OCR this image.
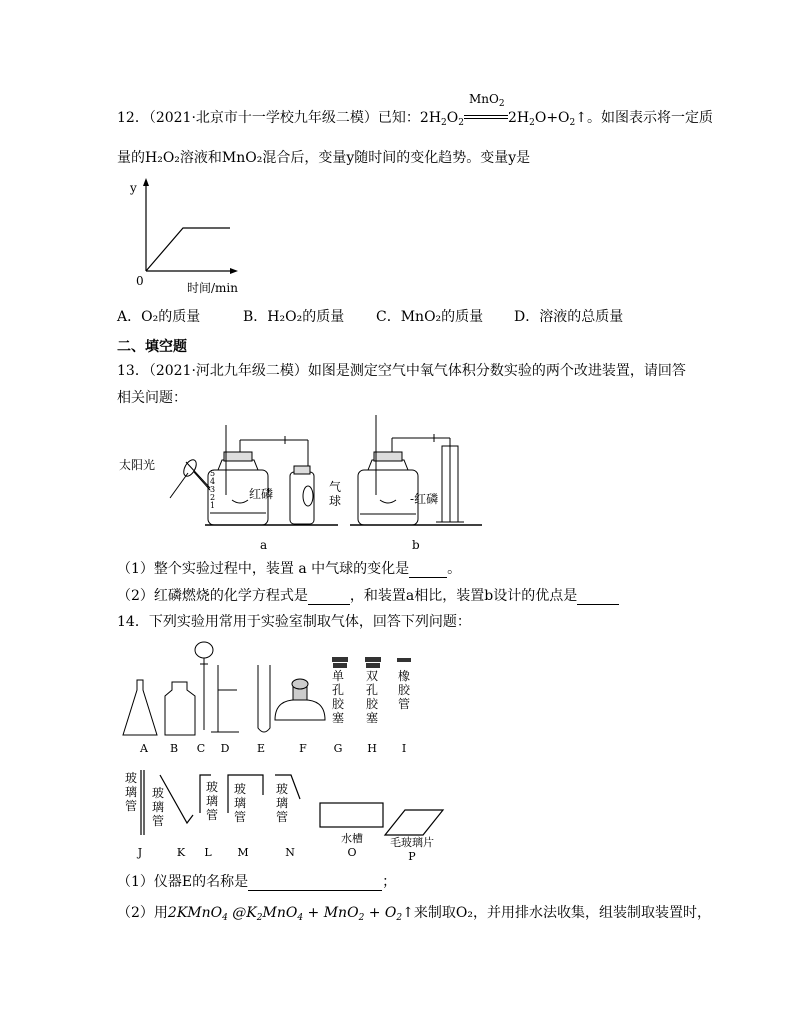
12．（2021·北京市十一学校九年级二模）已知：$2H_2O_2$
MnO$_2$
$2H_2O+O_2↑$。如图表示将一定质
量的H₂O₂溶液和MnO₂混合后，变量y随时间的变化趋势。变量y是
y
0	时间/min
A．O₂的质量	B．H₂O₂的质量 C．MnO₂的质量 D．溶液的总质量
二、填空题
13．（2021·河北九年级二模）如图是测定空气中氧气体积分数实验的两个改进装置，请回答
相关问题：
5
4
3
2
1
太阳光
红磷	气
球	-红磷
a	b
（1）整个实验过程中，装置 a 中气球的变化是	。
（2）红磷燃烧的化学方程式是	，和装置a相比，装置b设计的优点是
14．下列实验用常用于实验室制取气体，回答下列问题：
单孔胶塞
双孔胶塞
橡胶管
A B C D	E	F G H	I
玻璃管
玻璃管
玻璃管
玻璃管
玻璃管
J	K	L	M	N
水槽
O
毛玻璃片
P
（1）仪器E的名称是	；
（2）用2KMnO$_4$ $@K_2MnO_4 + MnO_2$ + $O_2↑$来制取O₂，并用排水法收集，组装制取装置时，
